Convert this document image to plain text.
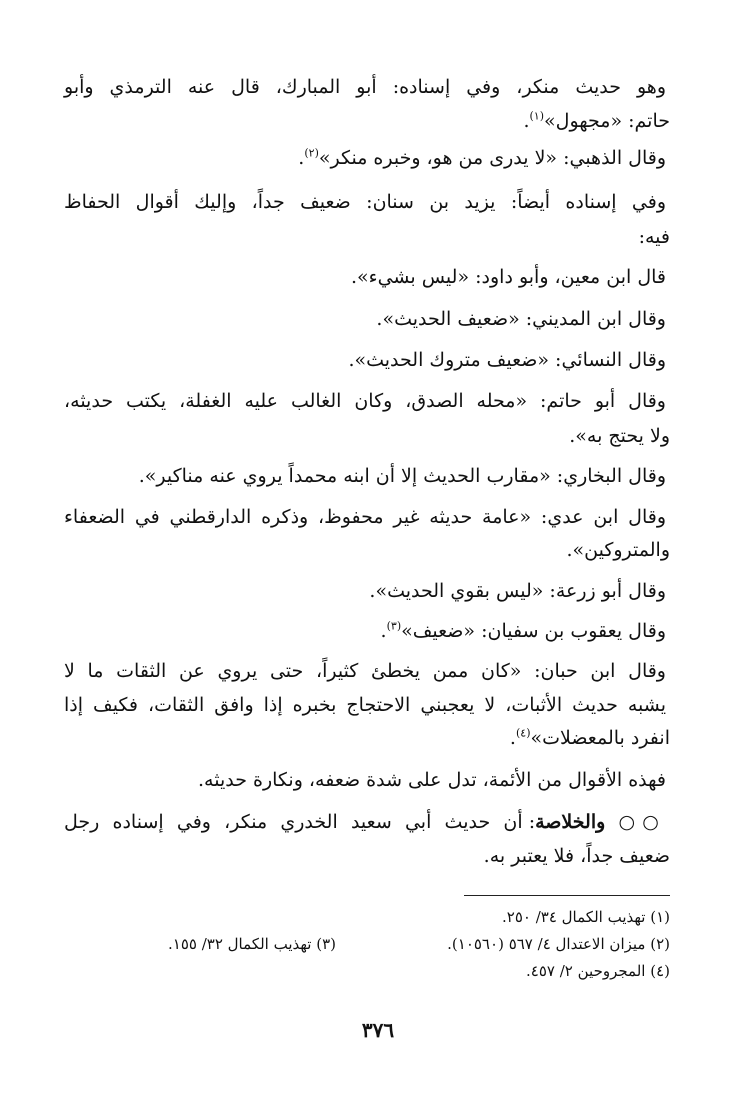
وهو حديث منكر، وفي إسناده: أبو المبارك، قال عنه الترمذي وأبو
حاتم: «مجهول»$^{(١)}$.
وقال الذهبي: «لا يدرى من هو، وخبره منكر»$^{(٢)}$.
وفي إسناده أيضاً: يزيد بن سنان: ضعيف جداً، وإليك أقوال الحفاظ
فيه:
قال ابن معين، وأبو داود: «ليس بشيء».
وقال ابن المديني: «ضعيف الحديث».
وقال النسائي: «ضعيف متروك الحديث».
وقال أبو حاتم: «محله الصدق، وكان الغالب عليه الغفلة، يكتب حديثه،
ولا يحتج به».
وقال البخاري: «مقارب الحديث إلا أن ابنه محمداً يروي عنه مناكير».
وقال ابن عدي: «عامة حديثه غير محفوظ، وذكره الدارقطني في الضعفاء
والمتروكين».
وقال أبو زرعة: «ليس بقوي الحديث».
وقال يعقوب بن سفيان: «ضعيف»$^{(٣)}$.
وقال ابن حبان: «كان ممن يخطئ كثيراً، حتى يروي عن الثقات ما لا
يشبه حديث الأثبات، لا يعجبني الاحتجاج بخبره إذا وافق الثقات، فكيف إذا
انفرد بالمعضلات»$^{(٤)}$.
فهذه الأقوال من الأئمة، تدل على شدة ضعفه، ونكارة حديثه.
○○ والخلاصة: أن حديث أبي سعيد الخدري منكر، وفي إسناده رجل
ضعيف جداً، فلا يعتبر به.
(١) تهذيب الكمال ٣٤/ ٢٥٠.
(٢) ميزان الاعتدال ٤/ ٥٦٧ (١٠٥٦٠).
(٣) تهذيب الكمال ٣٢/ ١٥٥.
(٤) المجروحين ٢/ ٤٥٧.
٣٧٦
